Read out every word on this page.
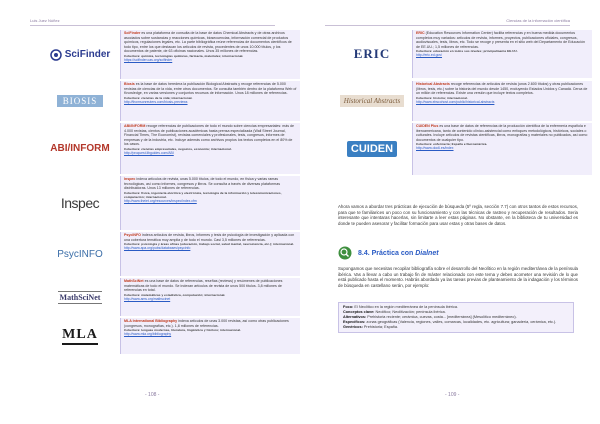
Luis Juez Núñez
SciFinder
SciFinder es una plataforma de consulta de la base de datos Chemical Abstracts y de otras archivos asociados sobre sustancias y reacciones químicas, biosecuencias, información comercial de productos químicos, regulaciones legales, etc. La parte bibliográfica reúne referencias de documentos científicos de todo tipo, entre los que destacan los artículos de revista, procedentes de unos 10.000 títulos, y los documentos de patente, de 63 oficinas nacionales. Unos 35 millones de referencias.
Cobertura: química, tecnologías químicas, farmacia, materiales; internacional.
https://scifinder.cas.org/scifinder
BIOSIS
Biosis es la base de datos heredera la publicación Biological Abstracts y recoge referencias de 5.000 revistas de ciencias de la vida, entre otros documentos. Se consulta también dentro de la plataforma Web of Knowledge, en varias versiones y conjuntos recursos de información. Unos 18 millones de referencias.
Cobertura: ciencias de la vida; internacional.
http://thomsonreuters.com/biosis-previews
ABI/INFORM
ABI/INFORM recoge referencias de publicaciones de todo el mundo sobre ciencias empresariales: más de 4.000 revistas, cientos de publicaciones académicas hasta prensa especializada (Wall Street Journal, Financial Times, The Economist), revistas comerciales y profesionales, tesis, congresos, informes de empresas y de la industria, etc. Incluye además como archivos propios los textos completos en el 80% de los casos.
Cobertura: ciencias empresariales, negocios, economía; internacional.
http://proquest.libguides.com/ABI
Inspec
Inspec indexa artículos de revista, unas 5.000 títulos, de todo el mundo, en física y varias ramas tecnológicas, así como informes, congresos y libros. Se consulta a través de diversas plataformas distribuidoras. Unos 13 millones de referencias.
Cobertura: física, ingeniería eléctrica y electrónica, tecnología de la información y telecomunicaciones, computación; internacional.
http://www.theiet.org/resources/inspec/index.cfm
PsycINFO
PsycINFO indexa artículos de revista, libros, informes y tesis de psicología de investigación y aplicada con una cobertura temática muy amplia y de todo el mundo. Casi 3,5 millones de referencias.
Cobertura: psicología y áreas afines (educación, trabajo social, salud mental, neurociencia, etc.); internacional.
http://www.apa.org/pubs/databases/psycinfo
MathSciNet
MathSciNet es una base de datos de referencias, reseñas (reviews) y resúmenes de publicaciones matemáticas de todo el mundo. Se indexan artículos de revista de unos 500 títulos. 3,8 millones de referencias en total.
Cobertura: matemáticas y estadística, computación; internacional.
http://www.ams.org/mathscinet
MLA
MLA International Bibliography indexa artículos de unas 3.000 revistas, así como otras publicaciones (congresos, monografías, etc.). 1,8 millones de referencias.
Cobertura: lenguas modernas, literatura, lingüística y folclore; internacional.
http://www.mla.org/bibliography
- 108 -
Ciencias de la información científica
ERIC
ERIC (Education Resources Information Center) facilita referencias y en buena medida documentos completos muy variados: artículos de revista, informes, proyectos, publicaciones oficiales, congresos, audiovisuales, tesis, libros, etc. Todo se recoge y presenta en el sitio web del Departamento de Educación de EE.UU.; 1,5 millones de referencias.
Cobertura: educación en todos sus niveles; principalmente EE.UU.
http://eric.ed.gov/
Historical Abstracts
Historical Abstracts recoge referencias de artículos de revista (unos 2.600 títulos) y otras publicaciones (libros, tesis, etc.) sobre la historia del mundo desde 1450, excluyendo Estados Unidos y Canadá. Cerca de un millón de referencias. Existe una versión que incluye textos completos.
Cobertura: historia; internacional.
http://www.ebscohost.com/public/historical-abstracts
CUIDEN
CUIDEN Plus es una base de datos de referencias de la producción científica de la enfermería española e iberoamericana, tanto de contenido clínico-asistencial como enfoques metodológicos, históricos, sociales o culturales. Incluye artículos de revistas científicas, libros, monografías y materiales no publicados, así como documentos de cualquier tipo.
Cobertura: enfermería; España e Iberoamérica.
http://www.doc6.es/index
Ahora vamos a abordar tres prácticas de ejecución de búsqueda (5º regla, sección 7.7) con otros tantos de estos recursos, para que te familiarices un poco con su funcionamiento y con las técnicas de rastreo y recuperación de resultados. Seria interesante que intentaras hacerlas, sin limitarte a leer estas páginas. No obstante, en la biblioteca de tu universidad es donde te pueden asesorar y facilitar formación para usar estas y otras bases de datos.
8.4. Práctica con Dialnet
Supongamos que necesitas recopilar bibliografía sobre el desarrollo del Neolítico en la región mediterránea de la península ibérica. Vas a llevar a cabo un trabajo fin de máster relacionado con este tema y debes acometer una revisión de lo que está publicado hasta el momento. Habrás abordado ya las tareas previas de planteamiento de la indagación y los términos de búsqueda en castellano serán, por ejemplo:
Foco: El Neolítico en la región mediterránea de la península ibérica.
Conceptos clave: Neolítico; Neolitización; península ibérica.
Alternativos: Prehistoria reciente; cerámica, cuevas, costa... [mediterránea] (Mesolítico mediterráneo).
Específicos: zonas geográficas (Valencia, regiones, valles, comarcas, localidades, etc. agricultura; ganadería, cerámica, etc.).
Genéricos: Prehistoria; España.
- 109 -
